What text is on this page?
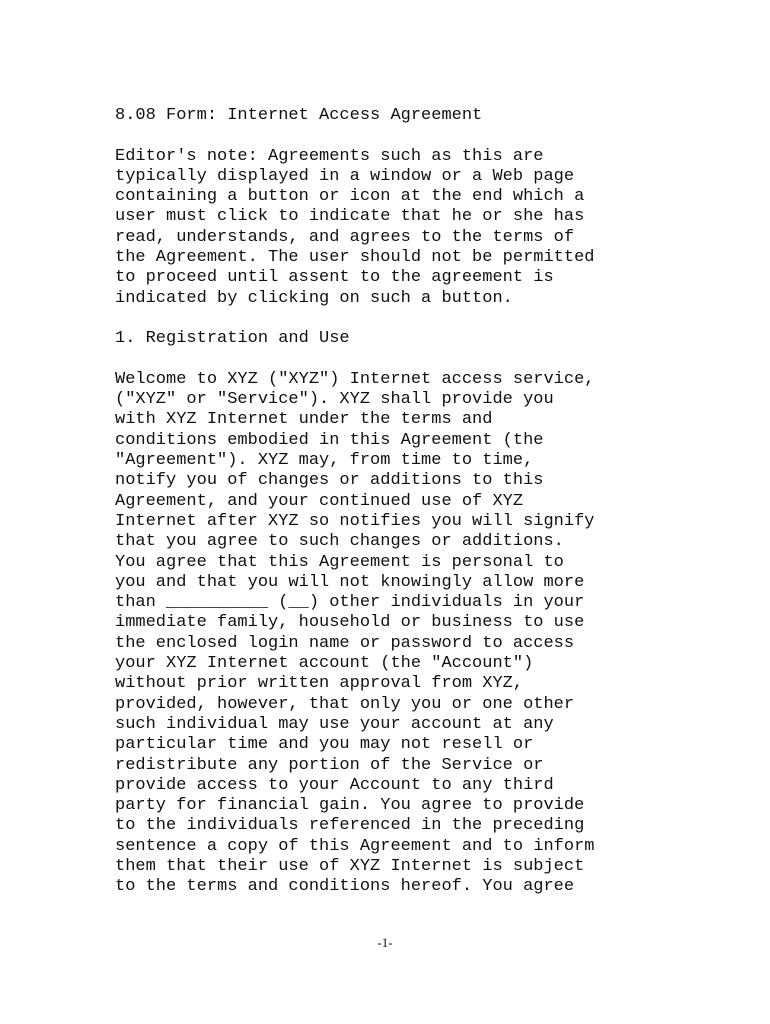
8.08 Form: Internet Access Agreement
Editor's note: Agreements such as this are
typically displayed in a window or a Web page
containing a button or icon at the end which a
user must click to indicate that he or she has
read, understands, and agrees to the terms of
the Agreement. The user should not be permitted
to proceed until assent to the agreement is
indicated by clicking on such a button.
1. Registration and Use
Welcome to XYZ ("XYZ") Internet access service,
("XYZ" or "Service"). XYZ shall provide you
with XYZ Internet under the terms and
conditions embodied in this Agreement (the
"Agreement"). XYZ may, from time to time,
notify you of changes or additions to this
Agreement, and your continued use of XYZ
Internet after XYZ so notifies you will signify
that you agree to such changes or additions.
You agree that this Agreement is personal to
you and that you will not knowingly allow more
than __________ (__) other individuals in your
immediate family, household or business to use
the enclosed login name or password to access
your XYZ Internet account (the "Account")
without prior written approval from XYZ,
provided, however, that only you or one other
such individual may use your account at any
particular time and you may not resell or
redistribute any portion of the Service or
provide access to your Account to any third
party for financial gain. You agree to provide
to the individuals referenced in the preceding
sentence a copy of this Agreement and to inform
them that their use of XYZ Internet is subject
to the terms and conditions hereof. You agree
-1-
